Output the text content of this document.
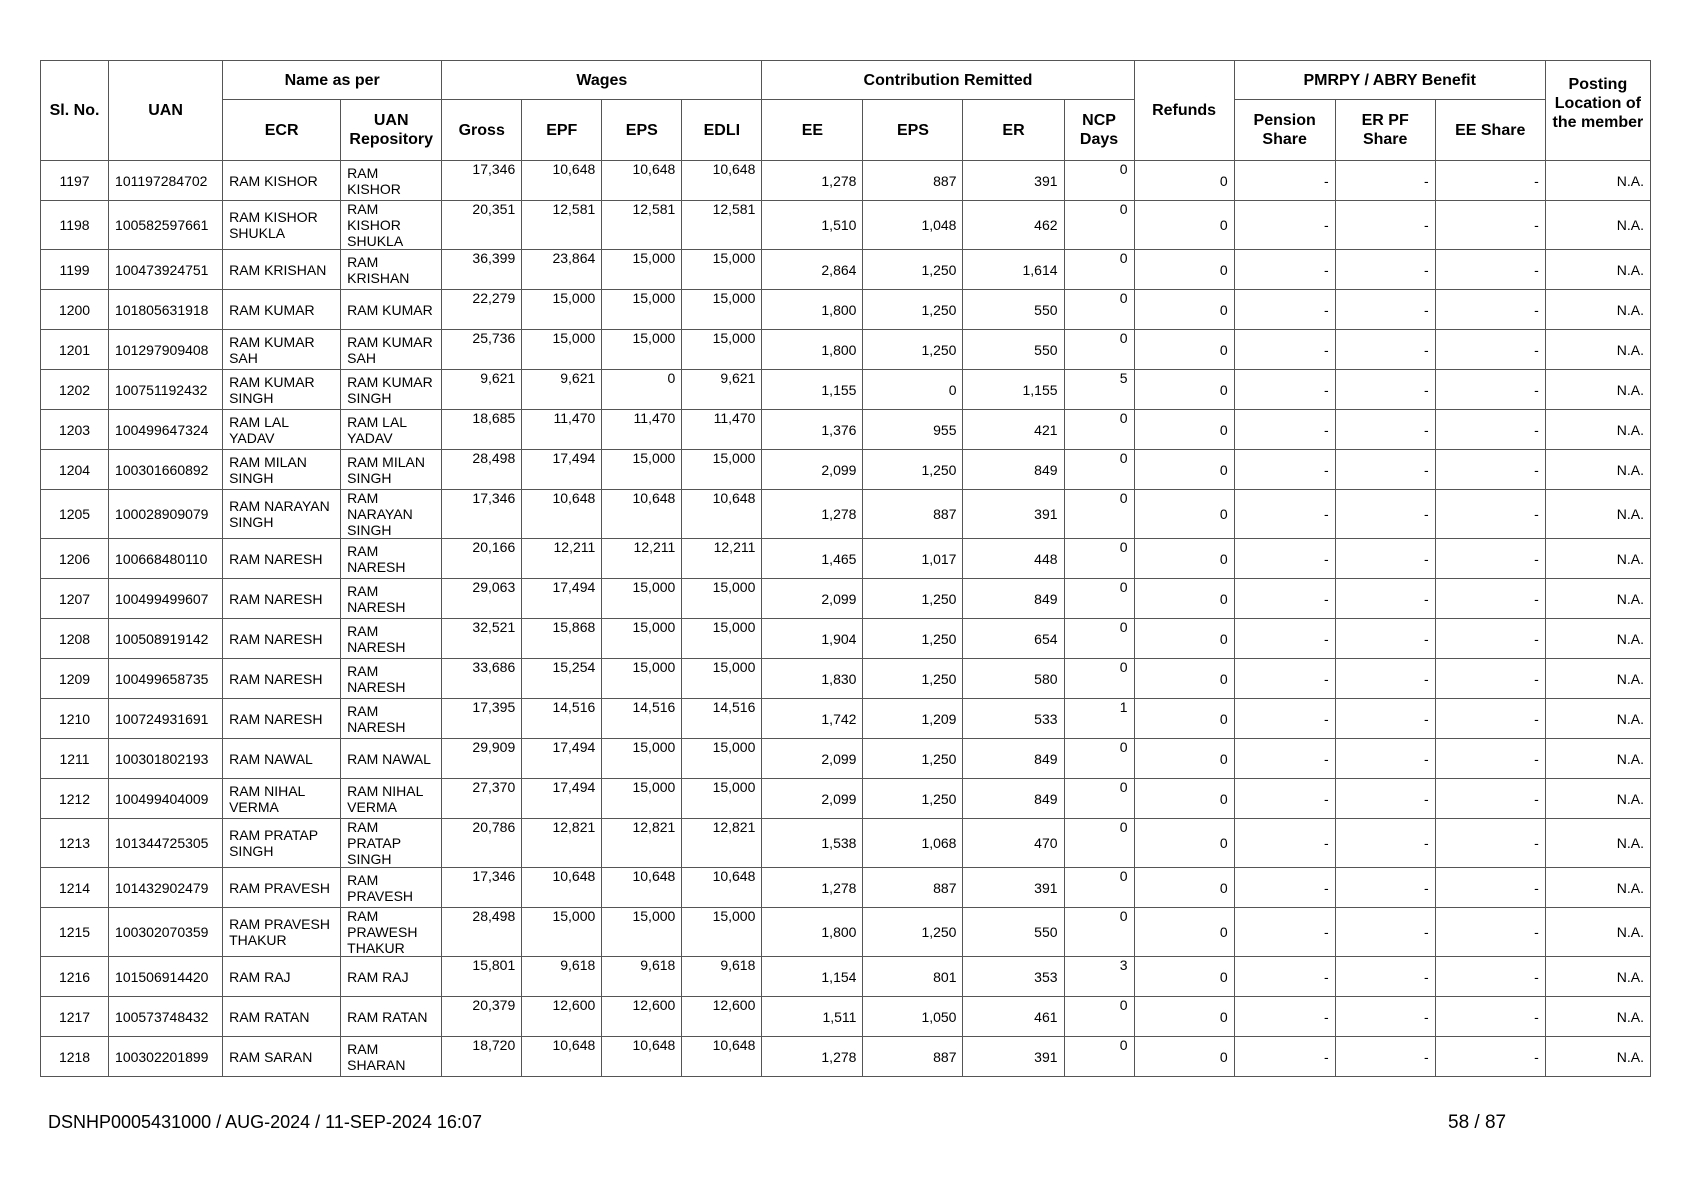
Sl. No.	UAN	Name as per		Wages				Contribution Remitted				Refunds	PMRPY / ABRY Benefit			Posting Location of the member
		ECR	UAN Repository	Gross	EPF	EPS	EDLI	EE	EPS	ER	NCP Days		Pension Share	ER PF Share	EE Share	
1197	101197284702	RAM KISHOR	RAM KISHOR	17,346	10,648	10,648	10,648	1,278	887	391	0	0	-	-	-	N.A.
1198	100582597661	RAM KISHOR SHUKLA	RAM KISHOR SHUKLA	20,351	12,581	12,581	12,581	1,510	1,048	462	0	0	-	-	-	N.A.
1199	100473924751	RAM KRISHAN	RAM KRISHAN	36,399	23,864	15,000	15,000	2,864	1,250	1,614	0	0	-	-	-	N.A.
1200	101805631918	RAM KUMAR	RAM KUMAR	22,279	15,000	15,000	15,000	1,800	1,250	550	0	0	-	-	-	N.A.
1201	101297909408	RAM KUMAR SAH	RAM KUMAR SAH	25,736	15,000	15,000	15,000	1,800	1,250	550	0	0	-	-	-	N.A.
1202	100751192432	RAM KUMAR SINGH	RAM KUMAR SINGH	9,621	9,621	0	9,621	1,155	0	1,155	5	0	-	-	-	N.A.
1203	100499647324	RAM LAL YADAV	RAM LAL YADAV	18,685	11,470	11,470	11,470	1,376	955	421	0	0	-	-	-	N.A.
1204	100301660892	RAM MILAN SINGH	RAM MILAN SINGH	28,498	17,494	15,000	15,000	2,099	1,250	849	0	0	-	-	-	N.A.
1205	100028909079	RAM NARAYAN SINGH	RAM NARAYAN SINGH	17,346	10,648	10,648	10,648	1,278	887	391	0	0	-	-	-	N.A.
1206	100668480110	RAM NARESH	RAM NARESH	20,166	12,211	12,211	12,211	1,465	1,017	448	0	0	-	-	-	N.A.
1207	100499499607	RAM NARESH	RAM NARESH	29,063	17,494	15,000	15,000	2,099	1,250	849	0	0	-	-	-	N.A.
1208	100508919142	RAM NARESH	RAM NARESH	32,521	15,868	15,000	15,000	1,904	1,250	654	0	0	-	-	-	N.A.
1209	100499658735	RAM NARESH	RAM NARESH	33,686	15,254	15,000	15,000	1,830	1,250	580	0	0	-	-	-	N.A.
1210	100724931691	RAM NARESH	RAM NARESH	17,395	14,516	14,516	14,516	1,742	1,209	533	1	0	-	-	-	N.A.
1211	100301802193	RAM NAWAL	RAM NAWAL	29,909	17,494	15,000	15,000	2,099	1,250	849	0	0	-	-	-	N.A.
1212	100499404009	RAM NIHAL VERMA	RAM NIHAL VERMA	27,370	17,494	15,000	15,000	2,099	1,250	849	0	0	-	-	-	N.A.
1213	101344725305	RAM PRATAP SINGH	RAM PRATAP SINGH	20,786	12,821	12,821	12,821	1,538	1,068	470	0	0	-	-	-	N.A.
1214	101432902479	RAM PRAVESH	RAM PRAVESH	17,346	10,648	10,648	10,648	1,278	887	391	0	0	-	-	-	N.A.
1215	100302070359	RAM PRAVESH THAKUR	RAM PRAWESH THAKUR	28,498	15,000	15,000	15,000	1,800	1,250	550	0	0	-	-	-	N.A.
1216	101506914420	RAM RAJ	RAM RAJ	15,801	9,618	9,618	9,618	1,154	801	353	3	0	-	-	-	N.A.
1217	100573748432	RAM RATAN	RAM RATAN	20,379	12,600	12,600	12,600	1,511	1,050	461	0	0	-	-	-	N.A.
1218	100302201899	RAM SARAN	RAM SHARAN	18,720	10,648	10,648	10,648	1,278	887	391	0	0	-	-	-	N.A.
DSNHP0005431000 / AUG-2024 / 11-SEP-2024 16:07	58 / 87
